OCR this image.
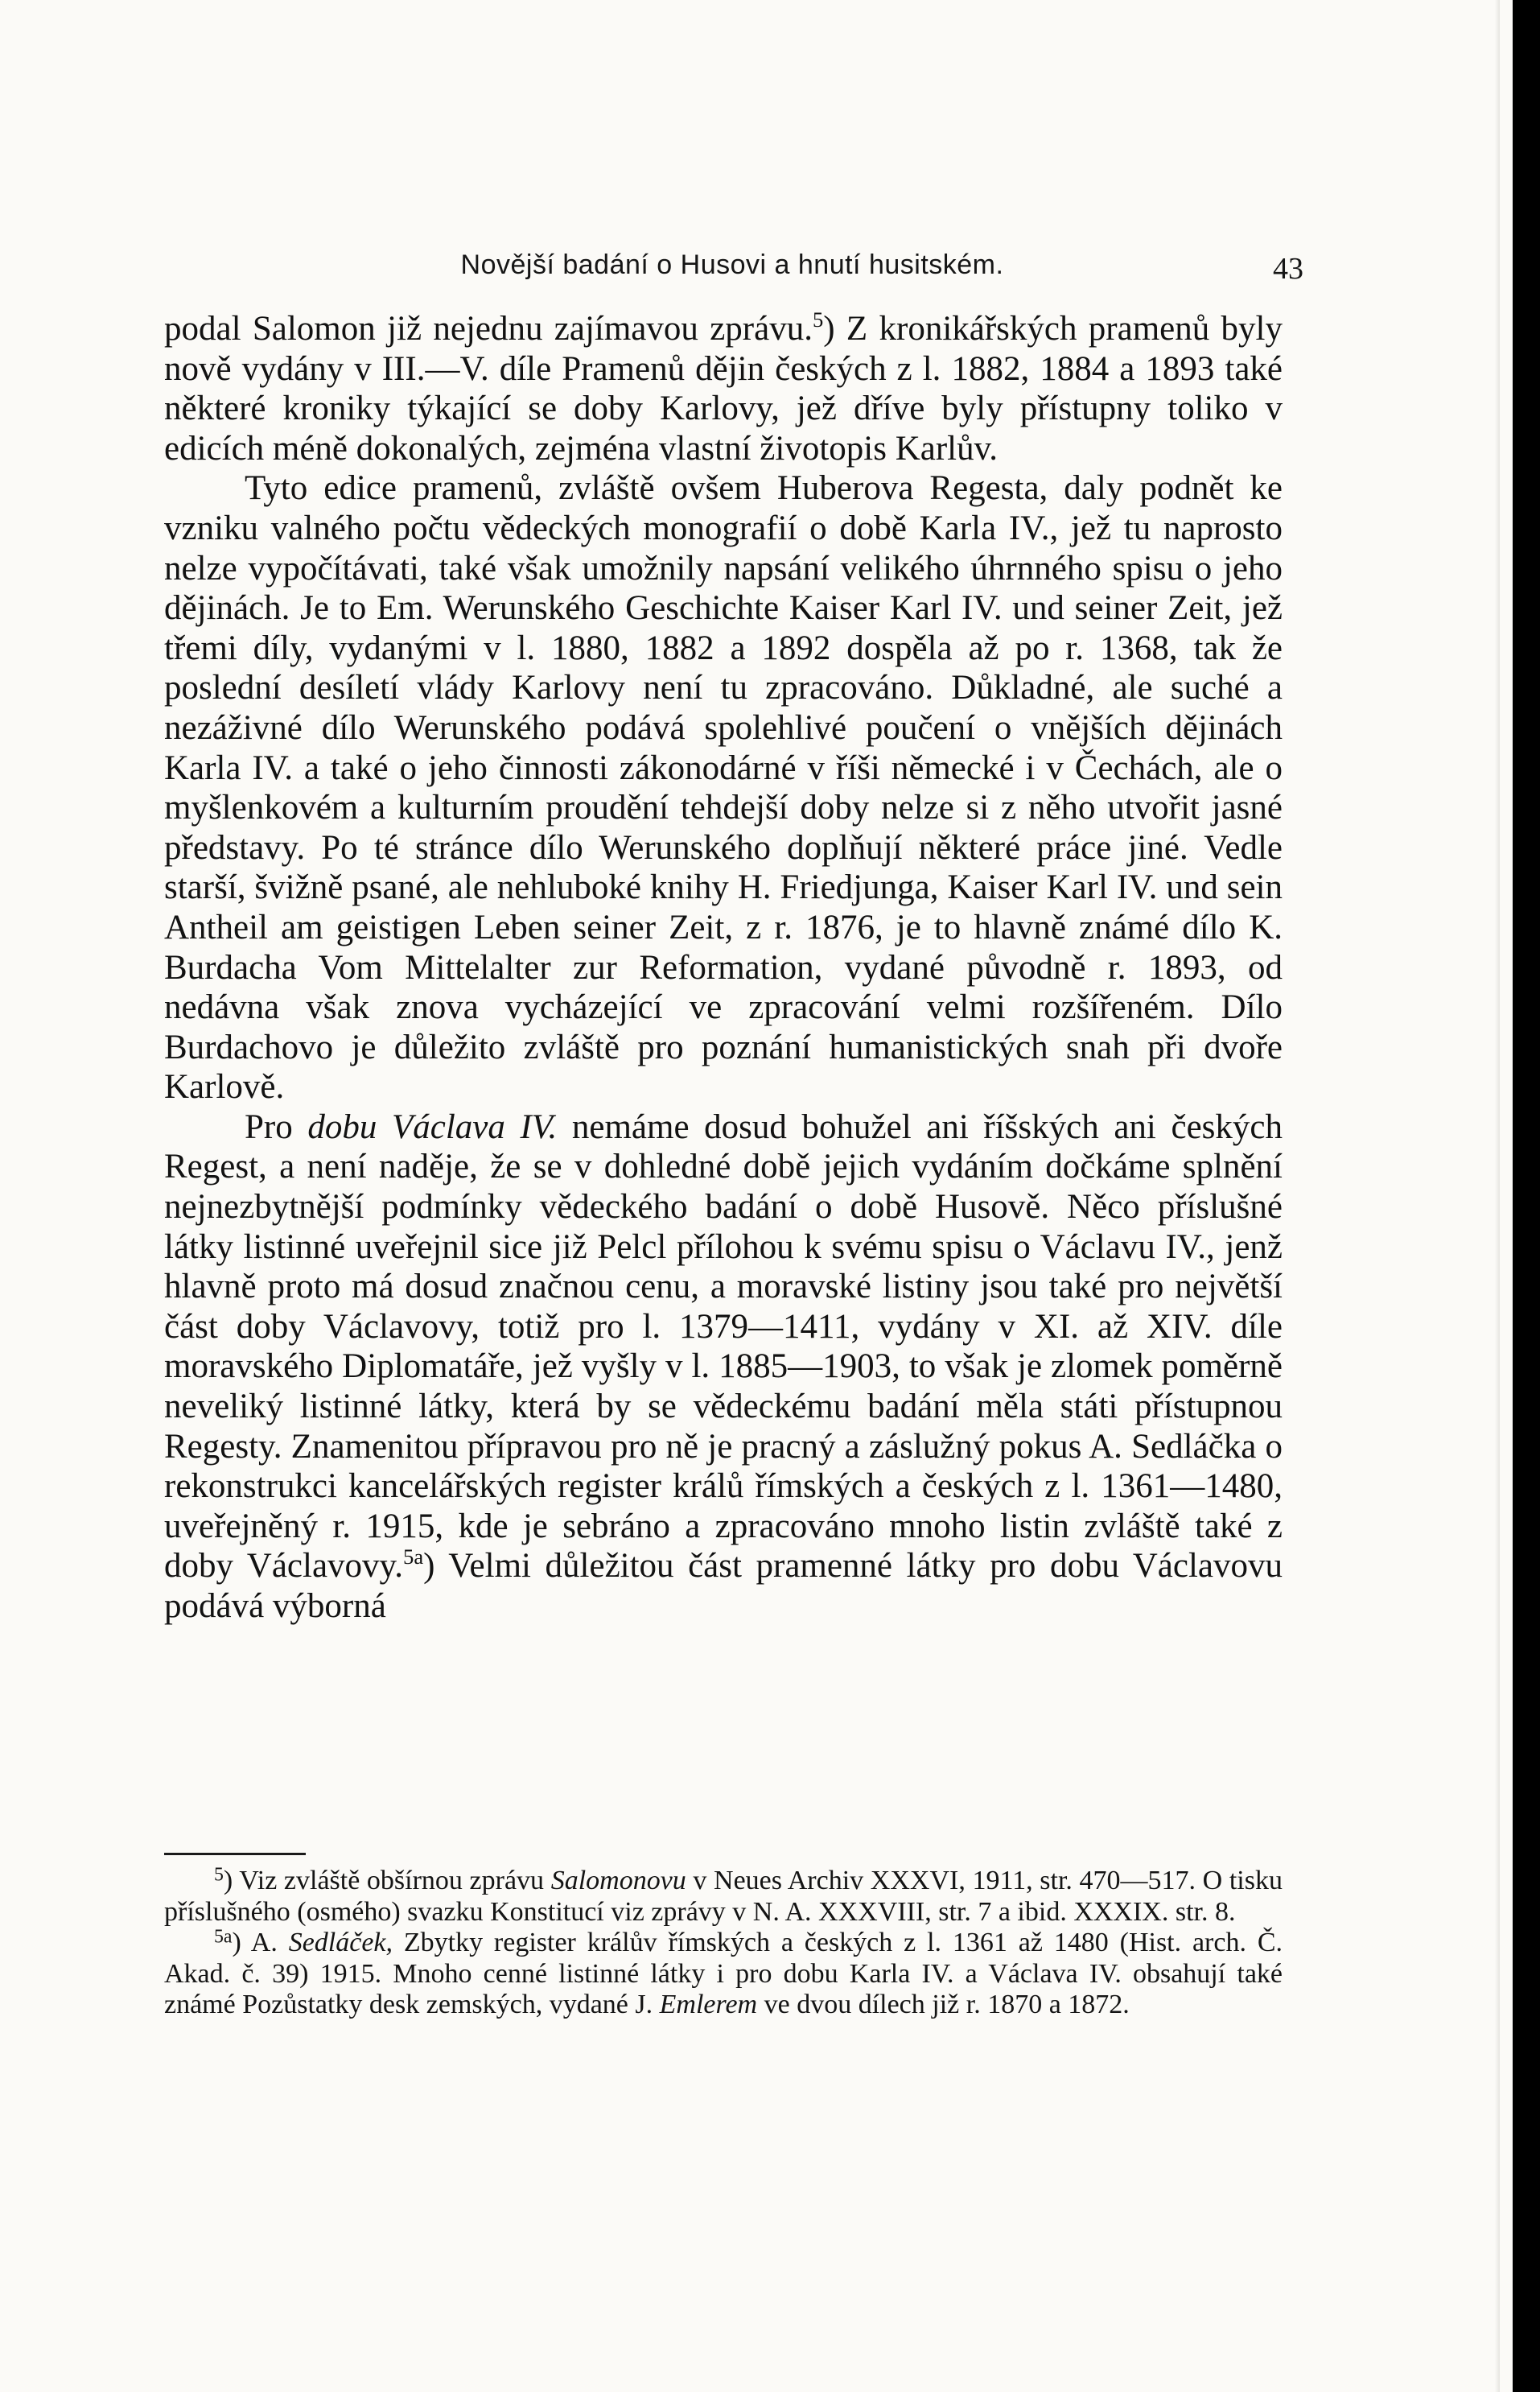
Novější badání o Husovi a hnutí husitském.	43

podal Salomon již nejednu zajímavou zprávu.$^5$) Z kronikářských pramenů byly nově vydány v III.—V. díle Pramenů dějin českých z l. 1882, 1884 a 1893 také některé kroniky týkající se doby Karlovy, jež dříve byly přístupny toliko v edicích méně dokonalých, zejména vlastní životopis Karlův.

Tyto edice pramenů, zvláště ovšem Huberova Regesta, daly podnět ke vzniku valného počtu vědeckých monografií o době Karla IV., jež tu naprosto nelze vypočítávati, také však umožnily napsání velikého úhrnného spisu o jeho dějinách. Je to Em. Werunského Geschichte Kaiser Karl IV. und seiner Zeit, jež třemi díly, vydanými v l. 1880, 1882 a 1892 dospěla až po r. 1368, tak že poslední desíletí vlády Karlovy není tu zpracováno. Důkladné, ale suché a nezáživné dílo Werunského podává spolehlivé poučení o vnějších dějinách Karla IV. a také o jeho činnosti zákonodárné v říši německé i v Čechách, ale o myšlenkovém a kulturním proudění tehdejší doby nelze si z něho utvořit jasné představy. Po té stránce dílo Werunského doplňují některé práce jiné. Vedle starší, švižně psané, ale nehluboké knihy H. Friedjunga, Kaiser Karl IV. und sein Antheil am geistigen Leben seiner Zeit, z r. 1876, je to hlavně známé dílo K. Burdacha Vom Mittelalter zur Reformation, vydané původně r. 1893, od nedávna však znova vycházející ve zpracování velmi rozšířeném. Dílo Burdachovo je důležito zvláště pro poznání humanistických snah při dvoře Karlově.

Pro dobu Václava IV. nemáme dosud bohužel ani říšských ani českých Regest, a není naděje, že se v dohledné době jejich vydáním dočkáme splnění nejnezbytnější podmínky vědeckého badání o době Husově. Něco příslušné látky listinné uveřejnil sice již Pelcl přílohou k svému spisu o Václavu IV., jenž hlavně proto má dosud značnou cenu, a moravské listiny jsou také pro největší část doby Václavovy, totiž pro l. 1379—1411, vydány v XI. až XIV. díle moravského Diplomatáře, jež vyšly v l. 1885—1903, to však je zlomek poměrně neveliký listinné látky, která by se vědeckému badání měla státi přístupnou Regesty. Znamenitou přípravou pro ně je pracný a záslužný pokus A. Sedláčka o rekonstrukci kancelářských register králů římských a českých z l. 1361—1480, uveřejněný r. 1915, kde je sebráno a zpracováno mnoho listin zvláště také z doby Václavovy.$^{5a}$) Velmi důležitou část pramenné látky pro dobu Václavovu podává výborná

$^5$) Viz zvláště obšírnou zprávu Salomonovu v Neues Archiv XXXVI, 1911, str. 470—517. O tisku příslušného (osmého) svazku Konstitucí viz zprávy v N. A. XXXVIII, str. 7 a ibid. XXXIX. str. 8.

$^{5a}$) A. Sedláček, Zbytky register králův římských a českých z l. 1361 až 1480 (Hist. arch. Č. Akad. č. 39) 1915. Mnoho cenné listinné látky i pro dobu Karla IV. a Václava IV. obsahují také známé Pozůstatky desk zemských, vydané J. Emlerem ve dvou dílech již r. 1870 a 1872.
